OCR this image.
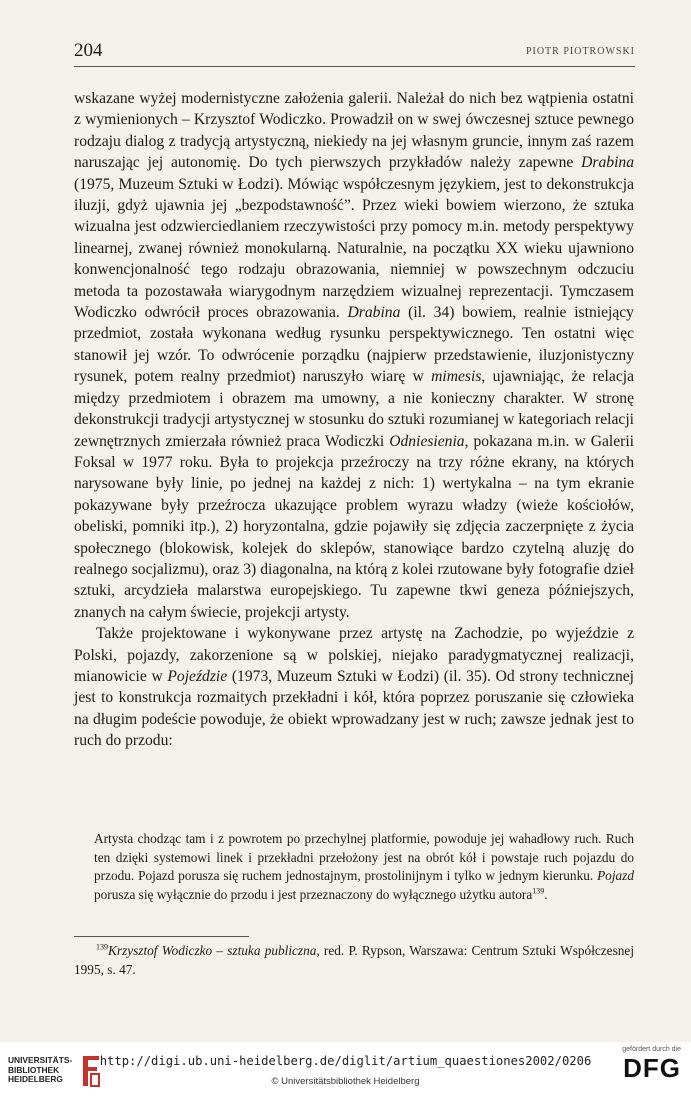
204	PIOTR PIOTROWSKI

wskazane wyżej modernistyczne założenia galerii. Należał do nich bez wątpienia ostatni z wymienionych – Krzysztof Wodiczko. Prowadził on w swej ówczesnej sztuce pewnego rodzaju dialog z tradycją artystyczną, niekiedy na jej własnym gruncie, innym zaś razem naruszając jej autonomię. Do tych pierwszych przykładów należy zapewne Drabina (1975, Muzeum Sztuki w Łodzi). Mówiąc współczesnym językiem, jest to dekonstrukcja iluzji, gdyż ujawnia jej „bezpodstawność”. Przez wieki bowiem wierzono, że sztuka wizualna jest odzwierciedlaniem rzeczywistości przy pomocy m.in. metody perspektywy linearnej, zwanej również monokularną. Naturalnie, na początku XX wieku ujawniono konwencjonalność tego rodzaju obrazowania, niemniej w powszechnym odczuciu metoda ta pozostawała wiarygodnym narzędziem wizualnej reprezentacji. Tymczasem Wodiczko odwrócił proces obrazowania. Drabina (il. 34) bowiem, realnie istniejący przedmiot, została wykonana według rysunku perspektywicznego. Ten ostatni więc stanowił jej wzór. To odwrócenie porządku (najpierw przedstawienie, iluzjonistyczny rysunek, potem realny przedmiot) naruszyło wiarę w mimesis, ujawniając, że relacja między przedmiotem i obrazem ma umowny, a nie konieczny charakter. W stronę dekonstrukcji tradycji artystycznej w stosunku do sztuki rozumianej w kategoriach relacji zewnętrznych zmierzała również praca Wodiczki Odniesienia, pokazana m.in. w Galerii Foksal w 1977 roku. Była to projekcja przeźroczy na trzy różne ekrany, na których narysowane były linie, po jednej na każdej z nich: 1) wertykalna – na tym ekranie pokazywane były przeźrocza ukazujące problem wyrazu władzy (wieże kościołów, obeliski, pomniki itp.), 2) horyzontalna, gdzie pojawiły się zdjęcia zaczerpnięte z życia społecznego (blokowisk, kolejek do sklepów, stanowiące bardzo czytelną aluzję do realnego socjalizmu), oraz 3) diagonalna, na którą z kolei rzutowane były fotografie dzieł sztuki, arcydzieła malarstwa europejskiego. Tu zapewne tkwi geneza późniejszych, znanych na całym świecie, projekcji artysty.

Także projektowane i wykonywane przez artystę na Zachodzie, po wyjeździe z Polski, pojazdy, zakorzenione są w polskiej, niejako paradygmatycznej realizacji, mianowicie w Pojeździe (1973, Muzeum Sztuki w Łodzi) (il. 35). Od strony technicznej jest to konstrukcja rozmaitych przekładni i kół, która poprzez poruszanie się człowieka na długim podeście powoduje, że obiekt wprowadzany jest w ruch; zawsze jednak jest to ruch do przodu:

Artysta chodząc tam i z powrotem po przechylnej platformie, powoduje jej wahadłowy ruch. Ruch ten dzięki systemowi linek i przekładni przełożony jest na obrót kół i powstaje ruch pojazdu do przodu. Pojazd porusza się ruchem jednostajnym, prostolinijnym i tylko w jednym kierunku. Pojazd porusza się wyłącznie do przodu i jest przeznaczony do wyłącznego użytku autora$^{139}$.

$^{139}$Krzysztof Wodiczko – sztuka publiczna, red. P. Rypson, Warszawa: Centrum Sztuki Współczesnej 1995, s. 47.

UNIVERSITÄTS-
BIBLIOTHEK
HEIDELBERG
http://digi.ub.uni-heidelberg.de/diglit/artium_quaestiones2002/0206
© Universitätsbibliothek Heidelberg
gefördert durch die
DFG
